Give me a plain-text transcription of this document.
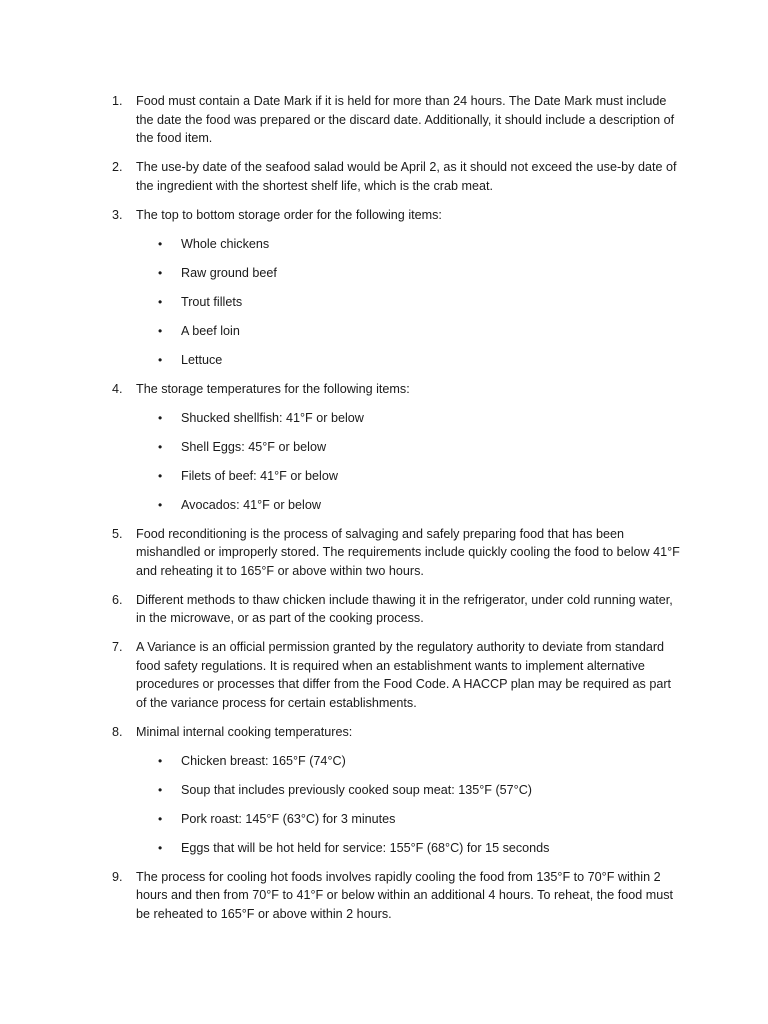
1.	Food must contain a Date Mark if it is held for more than 24 hours. The Date Mark must include the date the food was prepared or the discard date. Additionally, it should include a description of the food item.
2.	The use-by date of the seafood salad would be April 2, as it should not exceed the use-by date of the ingredient with the shortest shelf life, which is the crab meat.
3.	The top to bottom storage order for the following items:
• Whole chickens
• Raw ground beef
• Trout fillets
• A beef loin
• Lettuce
4.	The storage temperatures for the following items:
• Shucked shellfish: 41°F or below
• Shell Eggs: 45°F or below
• Filets of beef: 41°F or below
• Avocados: 41°F or below
5.	Food reconditioning is the process of salvaging and safely preparing food that has been mishandled or improperly stored. The requirements include quickly cooling the food to below 41°F and reheating it to 165°F or above within two hours.
6.	Different methods to thaw chicken include thawing it in the refrigerator, under cold running water, in the microwave, or as part of the cooking process.
7.	A Variance is an official permission granted by the regulatory authority to deviate from standard food safety regulations. It is required when an establishment wants to implement alternative procedures or processes that differ from the Food Code. A HACCP plan may be required as part of the variance process for certain establishments.
8.	Minimal internal cooking temperatures:
• Chicken breast: 165°F (74°C)
• Soup that includes previously cooked soup meat: 135°F (57°C)
• Pork roast: 145°F (63°C) for 3 minutes
• Eggs that will be hot held for service: 155°F (68°C) for 15 seconds
9.	The process for cooling hot foods involves rapidly cooling the food from 135°F to 70°F within 2 hours and then from 70°F to 41°F or below within an additional 4 hours. To reheat, the food must be reheated to 165°F or above within 2 hours.
